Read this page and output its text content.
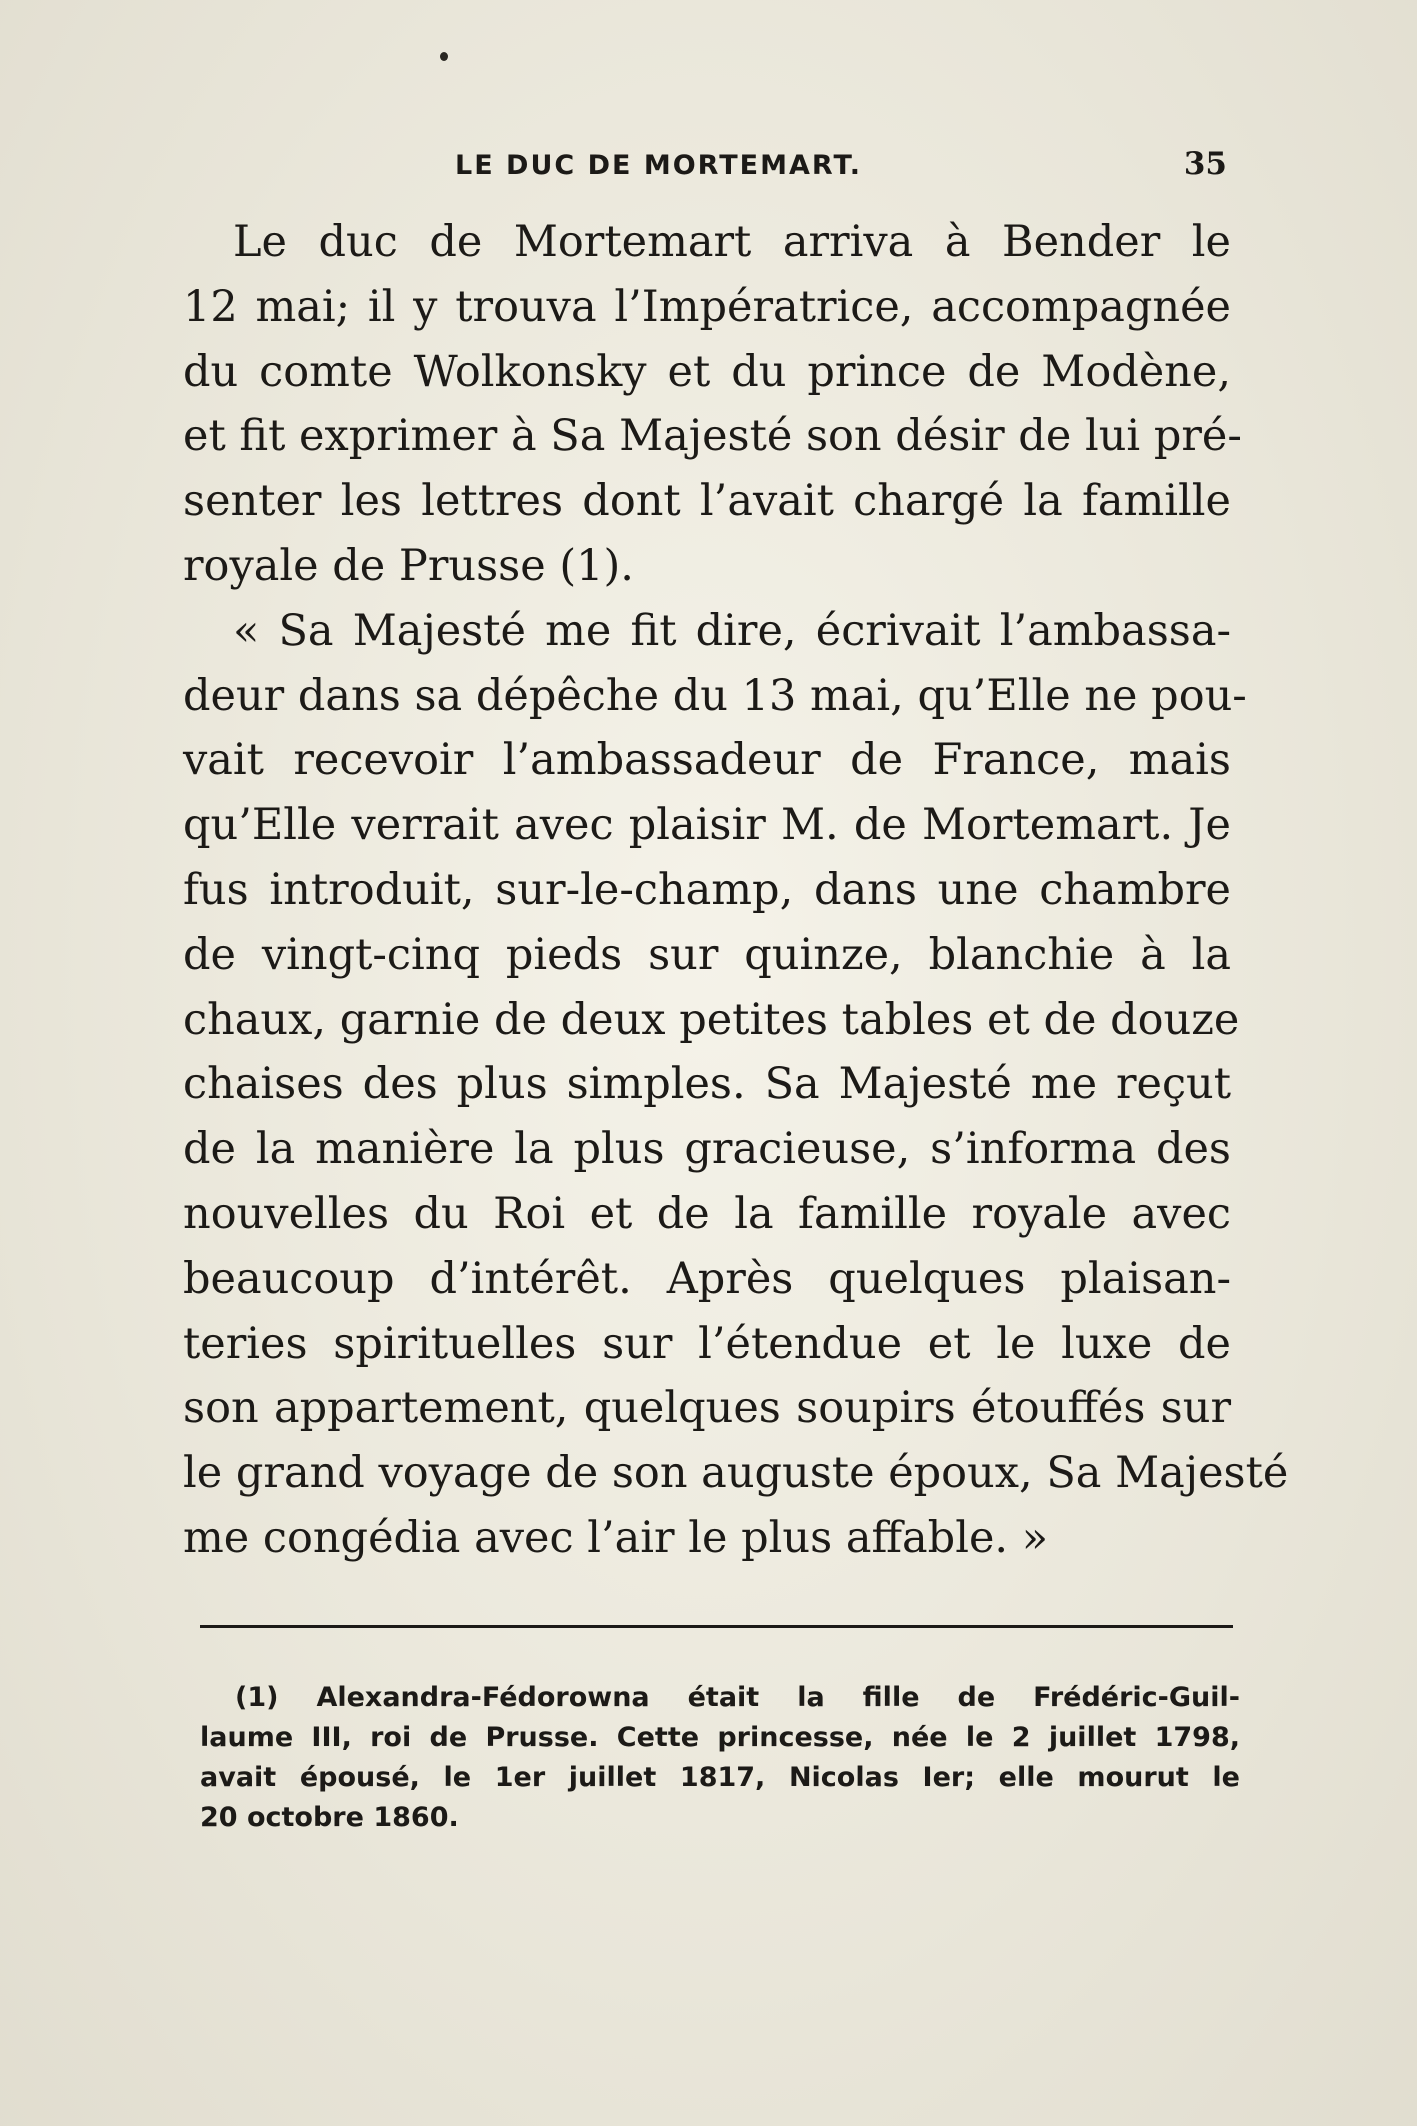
LE DUC DE MORTEMART.	35
Le duc de Mortemart arriva à Bender le
12 mai; il y trouva l’Impératrice, accompagnée
du comte Wolkonsky et du prince de Modène,
et fit exprimer à Sa Majesté son désir de lui pré-
senter les lettres dont l’avait chargé la famille
royale de Prusse (1).
« Sa Majesté me fit dire, écrivait l’ambassa-
deur dans sa dépêche du 13 mai, qu’Elle ne pou-
vait recevoir l’ambassadeur de France, mais
qu’Elle verrait avec plaisir M. de Mortemart. Je
fus introduit, sur-le-champ, dans une chambre
de vingt-cinq pieds sur quinze, blanchie à la
chaux, garnie de deux petites tables et de douze
chaises des plus simples. Sa Majesté me reçut
de la manière la plus gracieuse, s’informa des
nouvelles du Roi et de la famille royale avec
beaucoup d’intérêt. Après quelques plaisan-
teries spirituelles sur l’étendue et le luxe de
son appartement, quelques soupirs étouffés sur
le grand voyage de son auguste époux, Sa Majesté
me congédia avec l’air le plus affable. »
(1) Alexandra-Fédorowna était la fille de Frédéric-Guil-
laume III, roi de Prusse. Cette princesse, née le 2 juillet 1798,
avait épousé, le 1er juillet 1817, Nicolas Ier; elle mourut le
20 octobre 1860.
